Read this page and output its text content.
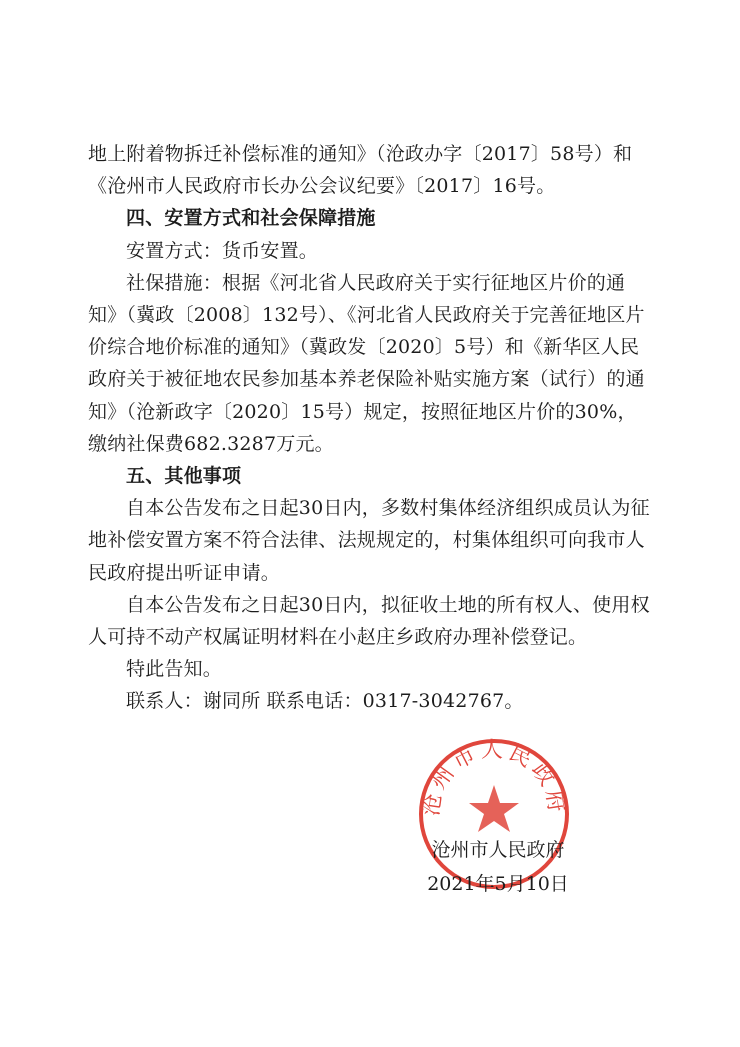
地上附着物拆迁补偿标准的通知》（沧政办字〔2017〕58号）和《沧州市人民政府市长办公会议纪要》〔2017〕16号。

四、安置方式和社会保障措施

安置方式：货币安置。

社保措施：根据《河北省人民政府关于实行征地区片价的通知》（冀政〔2008〕132号）、《河北省人民政府关于完善征地区片价综合地价标准的通知》（冀政发〔2020〕5号）和《新华区人民政府关于被征地农民参加基本养老保险补贴实施方案（试行）的通知》（沧新政字〔2020〕15号）规定，按照征地区片价的30%，缴纳社保费682.3287万元。

五、其他事项

自本公告发布之日起30日内，多数村集体经济组织成员认为征地补偿安置方案不符合法律、法规规定的，村集体组织可向我市人民政府提出听证申请。

自本公告发布之日起30日内，拟征收土地的所有权人、使用权人可持不动产权属证明材料在小赵庄乡政府办理补偿登记。

特此告知。

联系人：谢同所 联系电话：0317-3042767。

沧州市人民政府
沧州市人民政府
2021年5月10日
